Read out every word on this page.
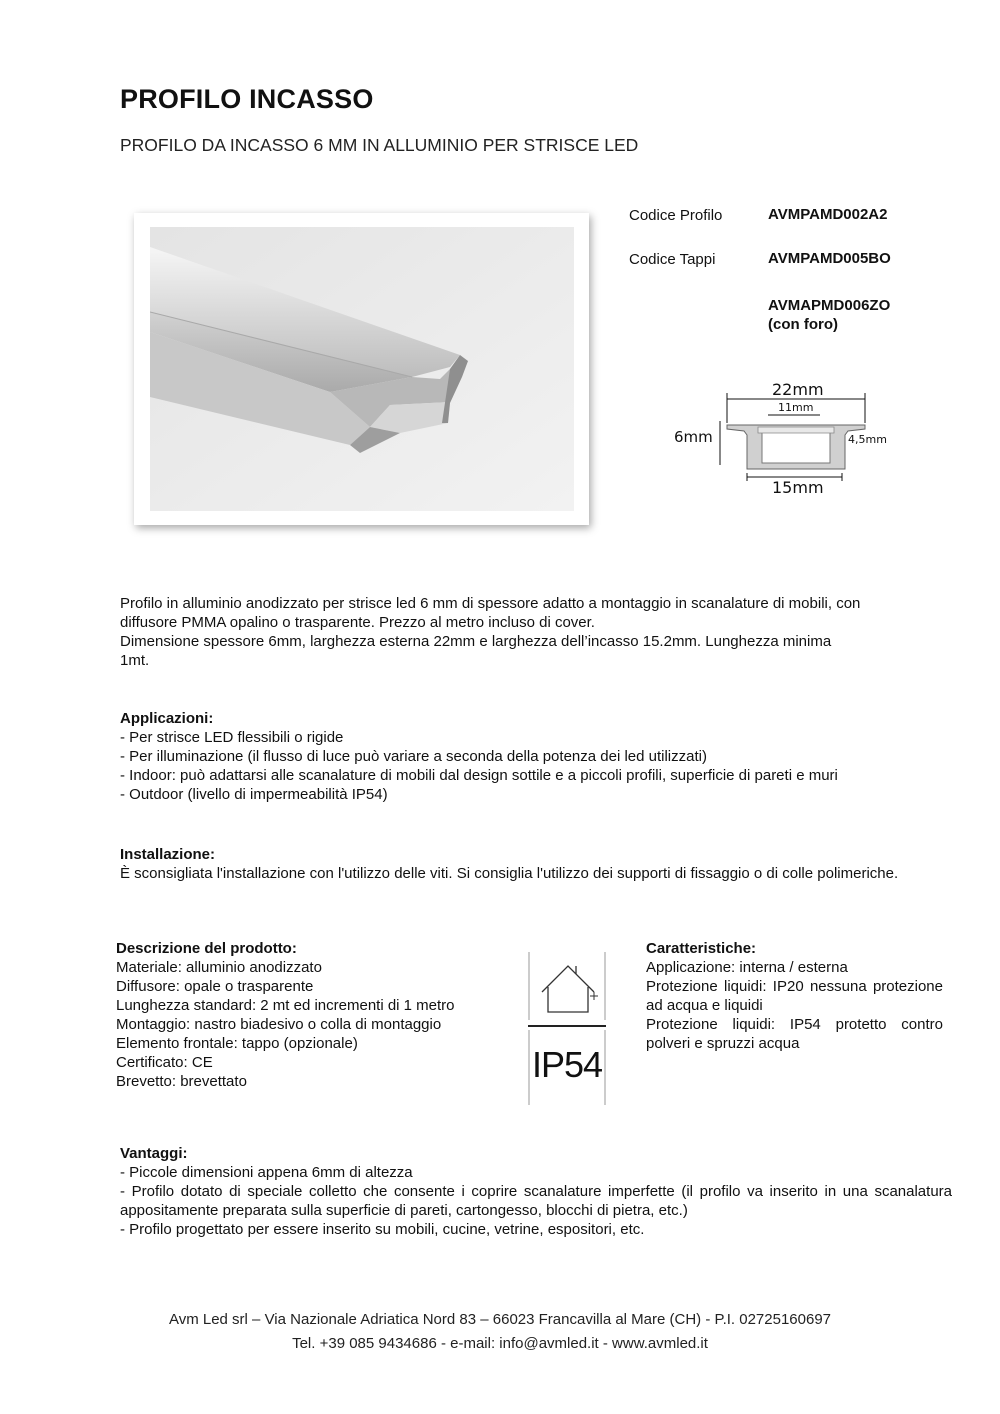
PROFILO INCASSO
PROFILO DA INCASSO 6 MM IN ALLUMINIO PER STRISCE LED
Codice Profilo	AVMPAMD002A2
Codice Tappi	AVMPAMD005BO
AVMAPMD006ZO
(con foro)
22mm
11mm
6mm	4,5mm
15mm
Profilo in alluminio anodizzato per strisce led 6 mm di spessore adatto a montaggio in scanalature di mobili, con
diffusore PMMA opalino o trasparente. Prezzo al metro incluso di cover.
Dimensione spessore 6mm, larghezza esterna 22mm e larghezza dell’incasso 15.2mm. Lunghezza minima
1mt.
Applicazioni:
- Per strisce LED flessibili o rigide
- Per illuminazione (il flusso di luce può variare a seconda della potenza dei led utilizzati)
- Indoor: può adattarsi alle scanalature di mobili dal design sottile e a piccoli profili, superficie di pareti e muri
- Outdoor (livello di impermeabilità IP54)
Installazione:
È sconsigliata l'installazione con l'utilizzo delle viti. Si consiglia l'utilizzo dei supporti di fissaggio o di colle polimeriche.
Descrizione del prodotto:
Materiale: alluminio anodizzato
Diffusore: opale o trasparente
Lunghezza standard: 2 mt ed incrementi di 1 metro
Montaggio: nastro biadesivo o colla di montaggio
Elemento frontale: tappo (opzionale)
Certificato: CE
Brevetto: brevettato	IP54
Caratteristiche:
Applicazione: interna / esterna
Protezione liquidi: IP20 nessuna protezione ad acqua e liquidi
Protezione liquidi: IP54 protetto contro polveri e spruzzi acqua
Vantaggi:
- Piccole dimensioni appena 6mm di altezza
- Profilo dotato di speciale colletto che consente i coprire scanalature imperfette (il profilo va inserito in una scanalatura appositamente preparata sulla superficie di pareti, cartongesso, blocchi di pietra, etc.)
- Profilo progettato per essere inserito su mobili, cucine, vetrine, espositori, etc.
Avm Led srl – Via Nazionale Adriatica Nord 83 – 66023 Francavilla al Mare (CH) - P.I. 02725160697
Tel. +39 085 9434686 - e-mail: info@avmled.it - www.avmled.it
